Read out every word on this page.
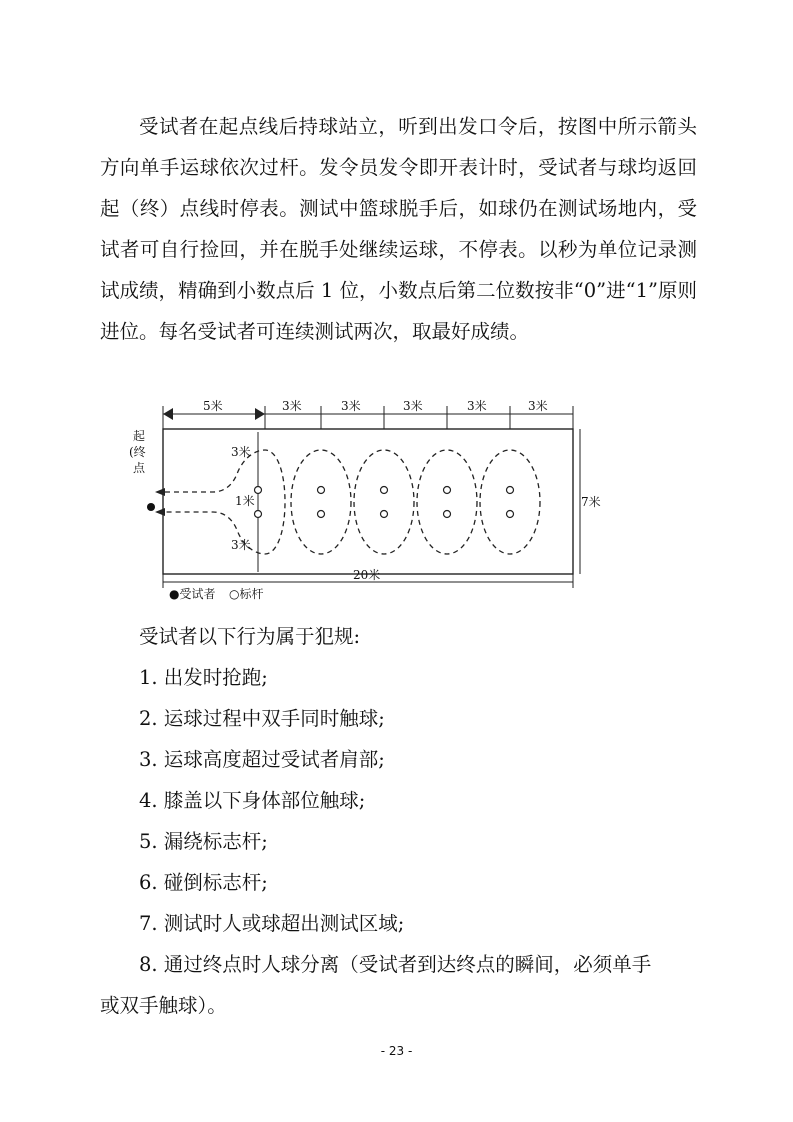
受试者在起点线后持球站立，听到出发口令后，按图中所示箭头方向单手运球依次过杆。发令员发令即开表计时，受试者与球均返回起（终）点线时停表。测试中篮球脱手后，如球仍在测试场地内，受试者可自行捡回，并在脱手处继续运球，不停表。以秒为单位记录测试成绩，精确到小数点后 1 位，小数点后第二位数按非“0”进“1”原则进位。每名受试者可连续测试两次，取最好成绩。

起
(终
点
5米	3米	3米	3米	3米	3米
3米
1米
3米
7米
20米
●受试者 ○标杆

受试者以下行为属于犯规:

1. 出发时抢跑;

2. 运球过程中双手同时触球;

3. 运球高度超过受试者肩部;

4. 膝盖以下身体部位触球;

5. 漏绕标志杆;

6. 碰倒标志杆;

7. 测试时人或球超出测试区域;

8. 通过终点时人球分离（受试者到达终点的瞬间，必须单手

或双手触球）。

- 23 -
